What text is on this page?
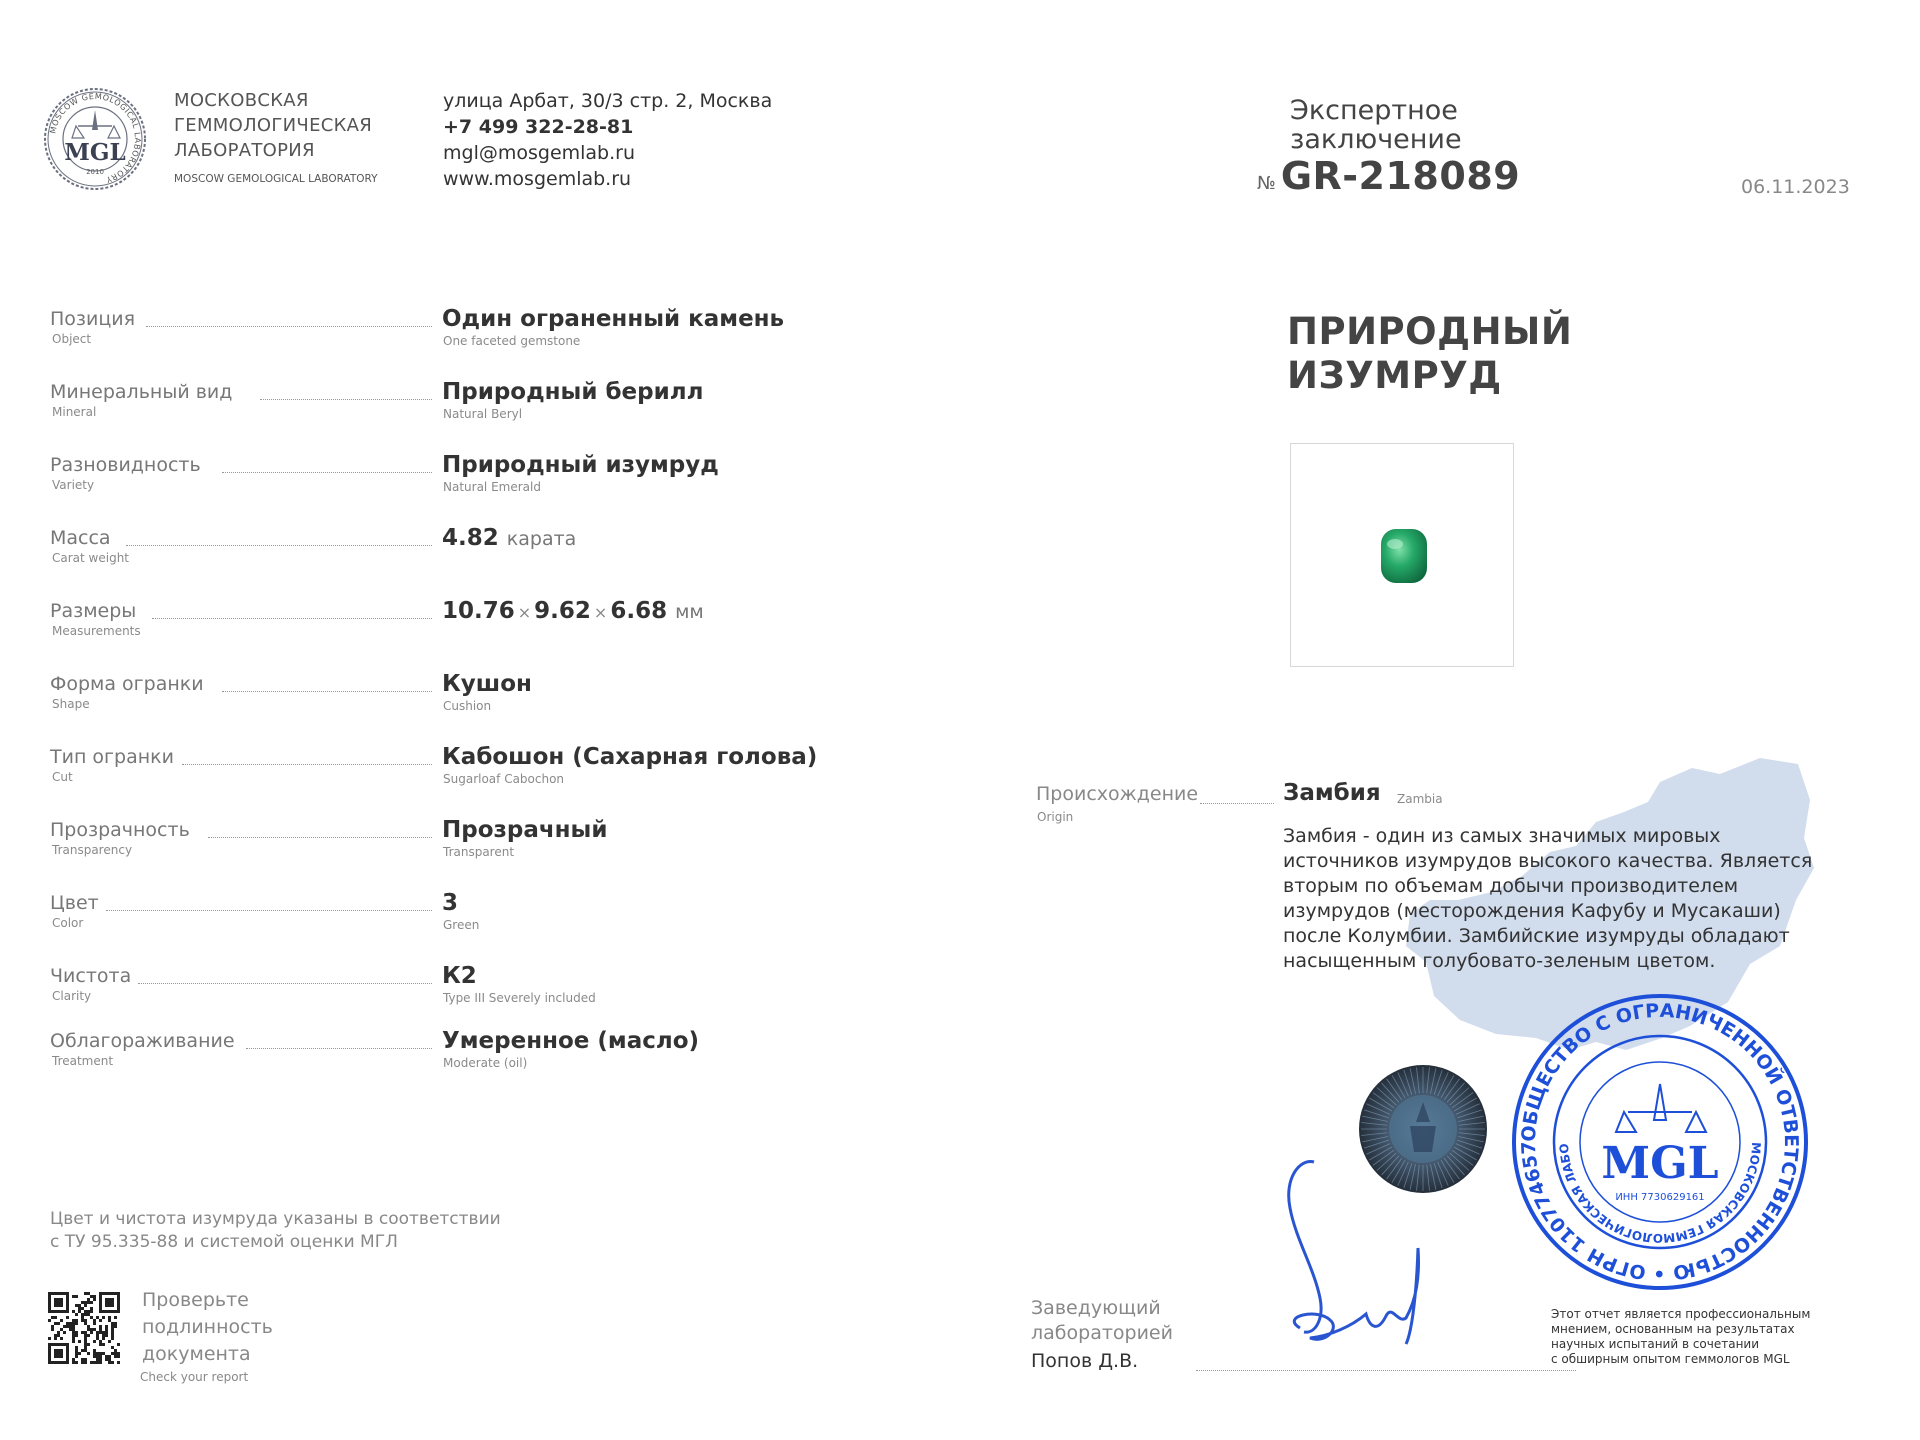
MOSCOW GEMOLOGICAL LABORATORY
MGL
2010
МОСКОВСКАЯ
ГЕММОЛОГИЧЕСКАЯ
ЛАБОРАТОРИЯ
MOSCOW GEMOLOGICAL LABORATORY
улица Арбат, 30/3 стр. 2, Москва
+7 499 322-28-81
mgl@mosgemlab.ru
www.mosgemlab.ru
Позиция
Object
Один ограненный камень
One faceted gemstone
Минеральный вид
Mineral
Природный берилл
Natural Beryl
Разновидность
Variety
Природный изумруд
Natural Emerald
Масса
Carat weight
4.82 карата
Размеры
Measurements
10.76 × 9.62 × 6.68 мм
Форма огранки
Shape
Кушон
Cushion
Тип огранки
Cut
Кабошон (Сахарная голова)
Sugarloaf Cabochon
Прозрачность
Transparency
Прозрачный
Transparent
Цвет
Color
3
Green
Чистота
Clarity
К2
Type III Severely included
Облагораживание
Treatment
Умеренное (масло)
Moderate (oil)
Цвет и чистота изумруда указаны в соответствии
с ТУ 95.335-88 и системой оценки МГЛ
Проверьте
подлинность
документа
Check your report
Экспертное
заключение
№ GR-218089	06.11.2023
ПРИРОДНЫЙ
ИЗУМРУД
Происхождение
Origin
Замбия Zambia
Замбия - один из самых значимых мировых
источников изумрудов высокого качества. Является
вторым по объемам добычи производителем
изумрудов (месторождения Кафубу и Мусакаши)
после Колумбии. Замбийские изумруды обладают
насыщенным голубовато-зеленым цветом.
ОБЩЕСТВО С ОГРАНИЧЕННОЙ ОТВЕТСТВЕННОСТЬЮ • ОГРН 110774657	МОСКОВСКАЯ ГЕММОЛОГИЧЕСКАЯ ЛАБО MGL
ИНН 7730629161
Заведующий
лабораторией
Попов Д.В.
Этот отчет является профессиональным
мнением, основанным на результатах
научных испытаний в сочетании
с обширным опытом геммологов MGL
